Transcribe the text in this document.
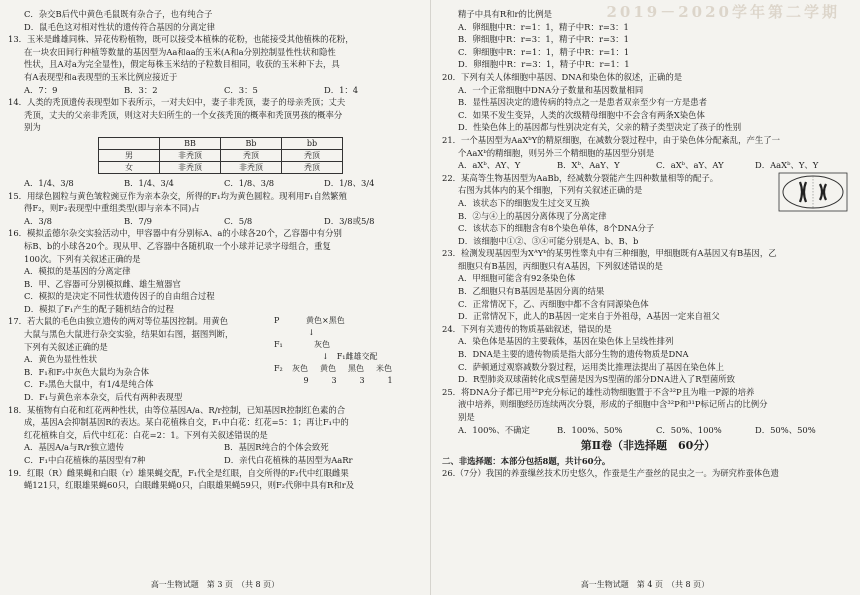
C．杂交B后代中黄色毛鼠既有杂合子，也有纯合子
D．鼠毛色这对相对性状的遗传符合基因的分离定律
13．玉米是雌雄同株、异花传粉植物，既可以接受本植株的花粉，也能接受其他植株的花粉，
在一块农田间行种植等数量的基因型为Aa和aa的玉米(A和a分别控制显性性状和隐性
性状，且A对a为完全显性)，假定每株玉米结的子粒数目相同，收获的玉米种下去，具
有A表现型和a表现型的玉米比例应接近于
A．7：9	B．3：2	C．3：5	D．1：4
14．人类的秃顶遗传表现型如下表所示，一对夫妇中，妻子非秃顶，妻子的母亲秃顶；丈夫
秃顶，丈夫的父亲非秃顶，则这对夫妇所生的一个女孩秃顶的概率和秃顶男孩的概率分
别为
	BB	Bb	bb
男	非秃顶	秃顶	秃顶
女	非秃顶	非秃顶	秃顶
A．1/4、3/8	B．1/4、3/4	C．1/8、3/8	D．1/8、3/4
15．用绿色圆粒与黄色皱粒豌豆作为亲本杂交，所得的F₁均为黄色圆粒。现利用F₁自然繁殖
得F₂，则F₂表现型中重组类型(即与亲本不同)占
A．3/8	B．7/9	C．5/8	D．3/8或5/8
16．模拟孟德尔杂交实验活动中，甲容器中有分别标A、a的小球各20个，乙容器中有分别
标B、b的小球各20个。现从甲、乙容器中各随机取一个小球并记录字母组合，重复
100次。下列有关叙述正确的是
A．模拟的是基因的分离定律
B．甲、乙容器可分别模拟雌、雄生殖器官
C．模拟的是决定不同性状遗传因子的自由组合过程
D．模拟了F₁产生的配子随机结合的过程
17．若大鼠的毛色由独立遗传的两对等位基因控制。用黄色
大鼠与黑色大鼠进行杂交实验，结果如右图，据图判断，
下列有关叙述正确的是
A．黄色为显性性状
B．F₁和F₂中灰色大鼠均为杂合体
C．F₂黑色大鼠中，有1/4是纯合体
D．F₁与黄色亲本杂交，后代有两种表现型
P	黄色×黑色
↓
F₁	灰色
↓	F₁雌雄交配
F₂	灰色	黄色	黑色	米色
9	3	3	1
18．某植物有白花和红花两种性状，由等位基因A/a、R/r控制，已知基因R控制红色素的合
成，基因A会抑制基因R的表达。某白花植株自交，F₁中白花：红花=5：1；再让F₁中的
红花植株自交，后代中红花：白花=2：1。下列有关叙述错误的是
A．基因A/a与R/r独立遗传	B．基因R纯合的个体会致死
C．F₁中白花植株的基因型有7种	D．亲代白花植株的基因型为AaRr
19．红眼（R）雌果蝇和白眼（r）雄果蝇交配，F₁代全是红眼，自交所得的F₂代中红眼雌果
蝇121只，红眼雄果蝇60只，白眼雌果蝇0只，白眼雄果蝇59只，则F₂代卵中具有R和r及
高一生物试题　第 3 页　（共 8 页）
2019－2020学年第二学期
精子中具有R和r的比例是
A．卵细胞中R：r=1：1，精子中R：r=3：1
B．卵细胞中R：r=3：1，精子中R：r=3：1
C．卵细胞中R：r=1：1，精子中R：r=1：1
D．卵细胞中R：r=3：1，精子中R：r=1：1
20．下列有关人体细胞中基因、DNA和染色体的叙述，正确的是
A．一个正常细胞中DNA分子数量和基因数量相同
B．显性基因决定的遗传病的特点之一是患者双亲至少有一方是患者
C．如果不发生变异，人类的次级精母细胞中不会含有两条X染色体
D．性染色体上的基因都与性别决定有关，父亲的精子类型决定了孩子的性别
21．一个基因型为AaXᵇY的精原细胞，在减数分裂过程中，由于染色体分配紊乱，产生了一
个AaXᵇ的精细胞，则另外三个精细胞的基因型分别是
A．aXᵇ、AY、Y	B．Xᵇ、AaY、Y	C．aXᵇ、aY、AY	D．AaXᵇ、Y、Y
22．某高等生物基因型为AaBb，经减数分裂能产生四种数量相等的配子。
右图为其体内的某个细胞，下列有关叙述正确的是
A．该状态下的细胞发生过交叉互换
B．②与④上的基因分离体现了分离定律
C．该状态下的细胞含有8个染色单体，8个DNA分子
D．该细胞中①②、③④可能分别是A、b、B、b
23．检测发现基因型为XᴬYᵇ的某男性睾丸中有三种细胞，甲细胞既有A基因又有B基因，乙
细胞只有B基因，丙细胞只有A基因，下列叙述错误的是
A．甲细胞可能含有92条染色体
B．乙细胞只有B基因是基因分离的结果
C．正常情况下，乙、丙细胞中都不含有同源染色体
D．正常情况下，此人的B基因一定来自于外祖母，A基因一定来自祖父
24．下列有关遗传的物质基础叙述，错误的是
A．染色体是基因的主要载体，基因在染色体上呈线性排列
B．DNA是主要的遗传物质是指大部分生物的遗传物质是DNA
C．萨顿通过观察减数分裂过程，运用类比推理法提出了基因在染色体上
D．R型肺炎双球菌转化成S型菌是因为S型菌的部分DNA进入了R型菌所致
25．将DNA分子都已用³²P充分标记的雄性动物细胞置于不含³²P且为唯一P源的培养
液中培养，则细胞经历连续两次分裂，形成的子细胞中含³²P和³¹P标记所占的比例分
别是
A．100%、不确定	B．100%、50%	C．50%、100%	D．50%、50%
第Ⅱ卷（非选择题　60分）
二、非选择题：本部分包括8题，共计60分。
26.（7分）我国的养蚕缫丝技术历史悠久，作蚕是生产蚕丝的昆虫之一。为研究柞蚕体色遗
高一生物试题　第 4 页　（共 8 页）
